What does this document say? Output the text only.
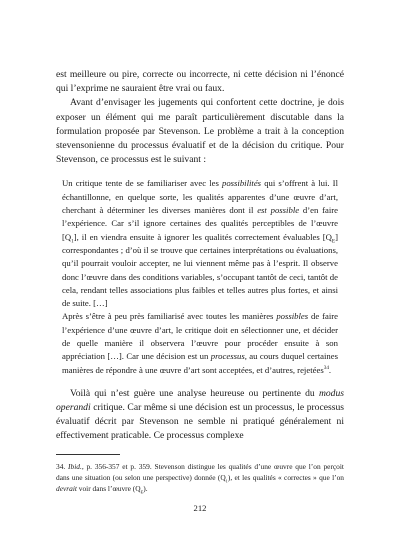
est meilleure ou pire, correcte ou incorrecte, ni cette décision ni l’énoncé qui l’exprime ne sauraient être vrai ou faux.

Avant d’envisager les jugements qui confortent cette doctrine, je dois exposer un élément qui me paraît particulièrement discutable dans la formulation proposée par Stevenson. Le problème a trait à la conception stevensonienne du processus évaluatif et de la décision du critique. Pour Stevenson, ce processus est le suivant :

Un critique tente de se familiariser avec les possibilités qui s’offrent à lui. Il échantillonne, en quelque sorte, les qualités apparentes d’une œuvre d’art, cherchant à déterminer les diverses manières dont il est possible d’en faire l’expérience. Car s’il ignore certaines des qualités perceptibles de l’œuvre $[Q_1]$, il en viendra ensuite à ignorer les qualités correctement évaluables $[Q_E]$ correspondantes ; d’où il se trouve que certaines interprétations ou évaluations, qu’il pourrait vouloir accepter, ne lui viennent même pas à l’esprit. Il observe donc l’œuvre dans des conditions variables, s’occupant tantôt de ceci, tantôt de cela, rendant telles associations plus faibles et telles autres plus fortes, et ainsi de suite. […]

Après s’être à peu près familiarisé avec toutes les manières possibles de faire l’expérience d’une œuvre d’art, le critique doit en sélectionner une, et décider de quelle manière il observera l’œuvre pour procéder ensuite à son appréciation […]. Car une décision est un processus, au cours duquel certaines manières de répondre à une œuvre d’art sont acceptées, et d’autres, rejetées$^{34}$.

Voilà qui n’est guère une analyse heureuse ou pertinente du modus operandi critique. Car même si une décision est un processus, le processus évaluatif décrit par Stevenson ne semble ni pratiqué généralement ni effectivement praticable. Ce processus complexe

34. Ibid., p. 356-357 et p. 359. Stevenson distingue les qualités d’une œuvre que l’on perçoit dans une situation (ou selon une perspective) donnée $(Q_1)$, et les qualités « correctes » que l’on devrait voir dans l’œuvre $(Q_E)$.

212
